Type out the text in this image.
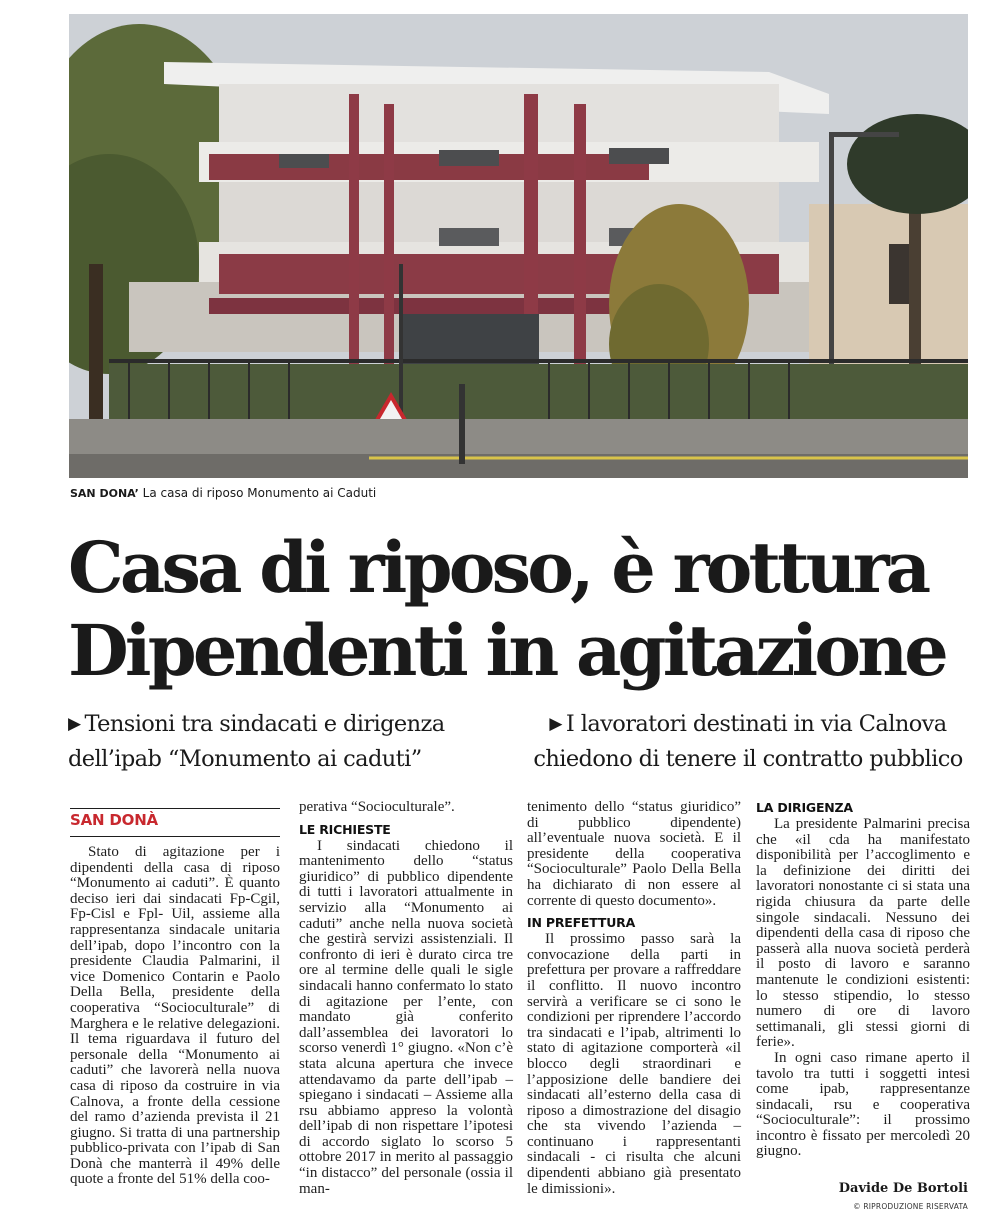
SAN DONA’ La casa di riposo Monumento ai Caduti
Casa di riposo, è rottura
Dipendenti in agitazione
▶ Tensioni tra sindacati e dirigenza
dell’ipab “Monumento ai caduti”
▶ I lavoratori destinati in via Calnova
chiedono di tenere il contratto pubblico
SAN DONÀ

Stato di agitazione per i dipendenti della casa di riposo “Monumento ai caduti”. È quanto deciso ieri dai sindacati Fp-Cgil, Fp-Cisl e Fpl- Uil, assieme alla rappresentanza sindacale unitaria dell’ipab, dopo l’incontro con la presidente Claudia Palmarini, il vice Domenico Contarin e Paolo Della Bella, presidente della cooperativa “Socioculturale” di Marghera e le relative delegazioni. Il tema riguardava il futuro del personale della “Monumento ai caduti” che lavorerà nella nuova casa di riposo da costruire in via Calnova, a fronte della cessione del ramo d’azienda prevista il 21 giugno. Si tratta di una partnership pubblico-privata con l’ipab di San Donà che manterrà il 49% delle quote a fronte del 51% della coo-

perativa “Socioculturale”.

LE RICHIESTE

I sindacati chiedono il mantenimento dello “status giuridico” di pubblico dipendente di tutti i lavoratori attualmente in servizio alla “Monumento ai caduti” anche nella nuova società che gestirà servizi assistenziali. Il confronto di ieri è durato circa tre ore al termine delle quali le sigle sindacali hanno confermato lo stato di agitazione per l’ente, con mandato già conferito dall’assemblea dei lavoratori lo scorso venerdì 1° giugno. «Non c’è stata alcuna apertura che invece attendavamo da parte dell’ipab – spiegano i sindacati – Assieme alla rsu abbiamo appreso la volontà dell’ipab di non rispettare l’ipotesi di accordo siglato lo scorso 5 ottobre 2017 in merito al passaggio “in distacco” del personale (ossia il man-

tenimento dello “status giuridico” di pubblico dipendente) all’eventuale nuova società. E il presidente della cooperativa “Socioculturale” Paolo Della Bella ha dichiarato di non essere al corrente di questo documento».

IN PREFETTURA

Il prossimo passo sarà la convocazione della parti in prefettura per provare a raffreddare il conflitto. Il nuovo incontro servirà a verificare se ci sono le condizioni per riprendere l’accordo tra sindacati e l’ipab, altrimenti lo stato di agitazione comporterà «il blocco degli straordinari e l’apposizione delle bandiere dei sindacati all’esterno della casa di riposo a dimostrazione del disagio che sta vivendo l’azienda – continuano i rappresentanti sindacali - ci risulta che alcuni dipendenti abbiano già presentato le dimissioni».

LA DIRIGENZA

La presidente Palmarini precisa che «il cda ha manifestato disponibilità per l’accoglimento e la definizione dei diritti dei lavoratori nonostante ci si stata una rigida chiusura da parte delle singole sindacali. Nessuno dei dipendenti della casa di riposo che passerà alla nuova società perderà il posto di lavoro e saranno mantenute le condizioni esistenti: lo stesso stipendio, lo stesso numero di ore di lavoro settimanali, gli stessi giorni di ferie».

In ogni caso rimane aperto il tavolo tra tutti i soggetti intesi come ipab, rappresentanze sindacali, rsu e cooperativa “Socioculturale”: il prossimo incontro è fissato per mercoledì 20 giugno.

Davide De Bortoli
© RIPRODUZIONE RISERVATA
